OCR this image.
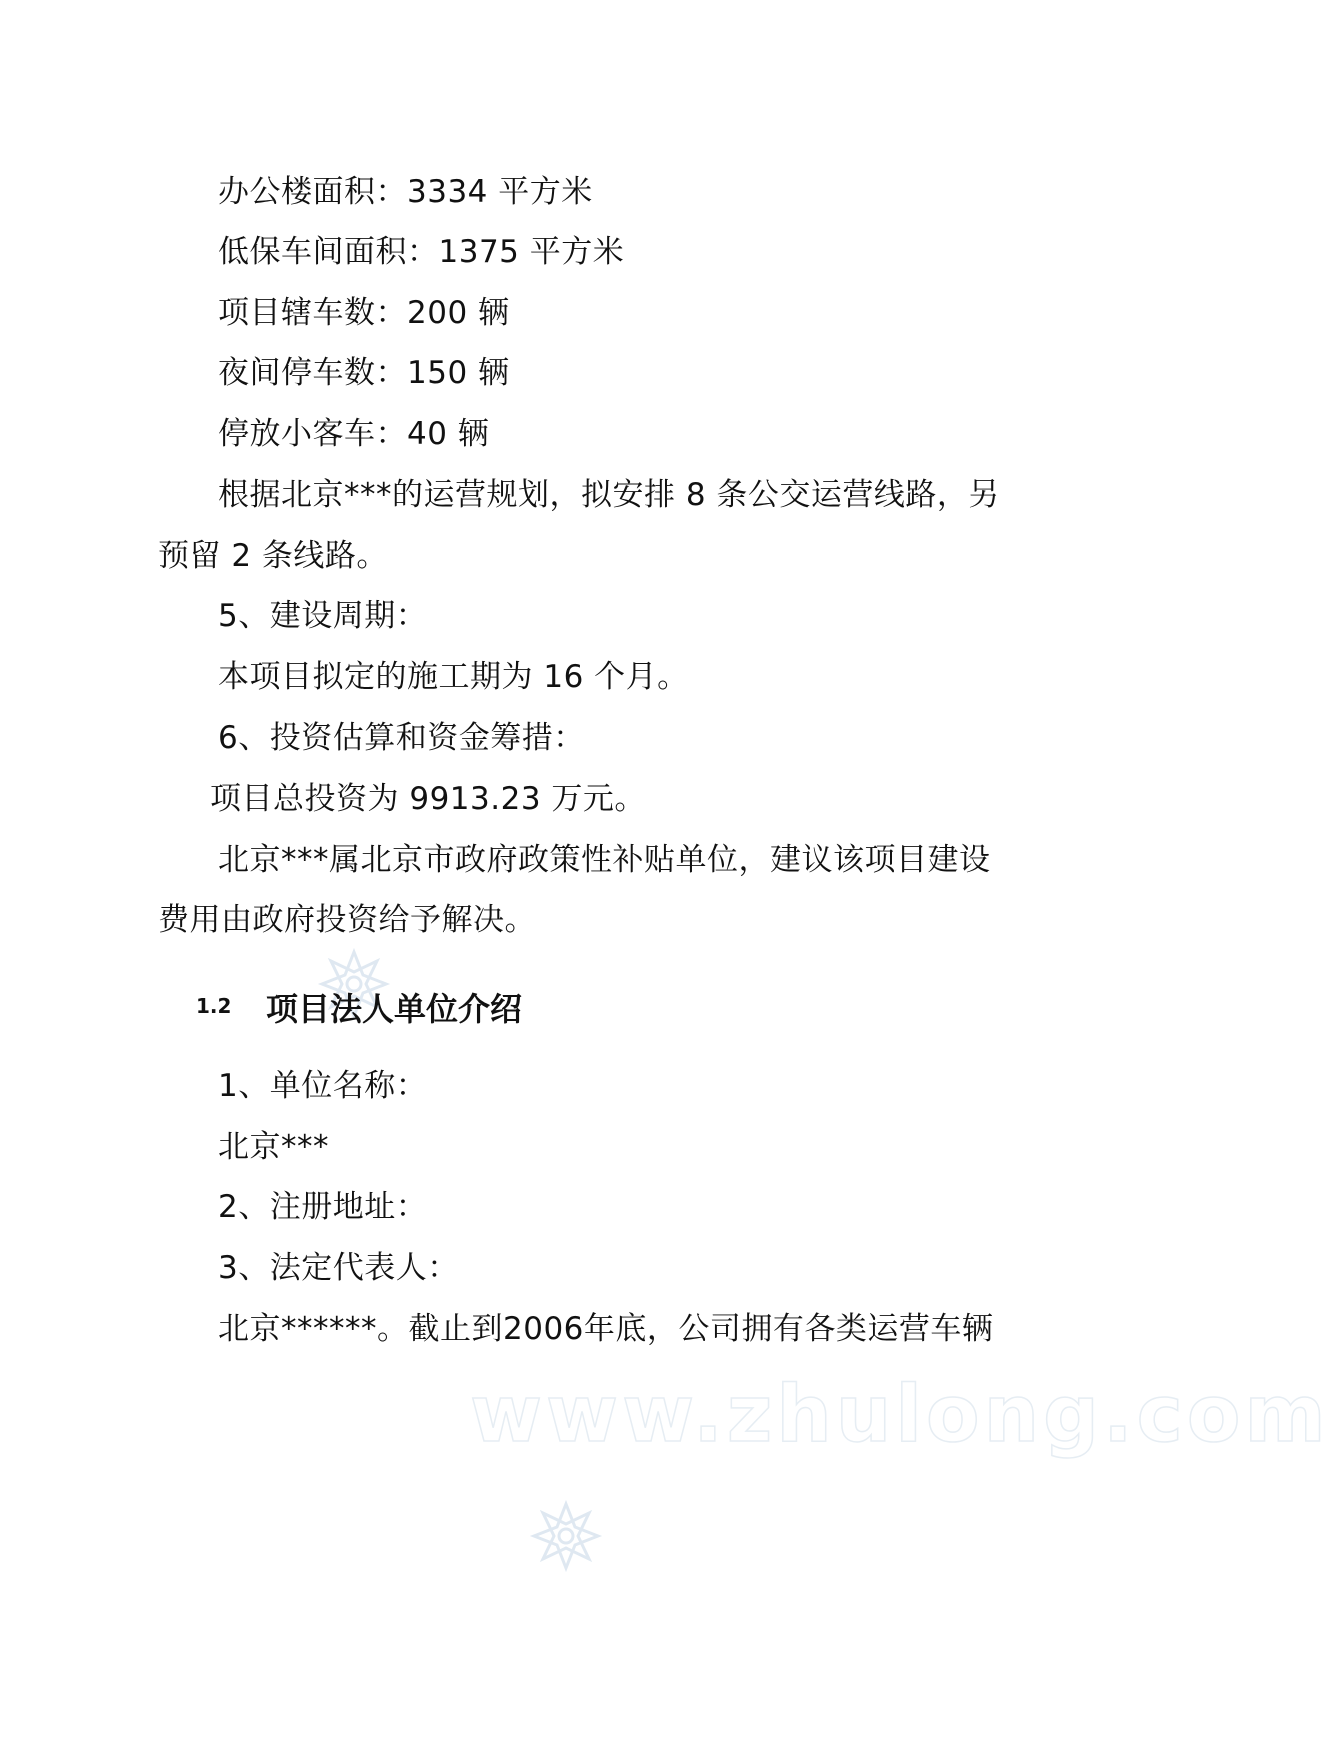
www.zhulong.com
办公楼面积：3334 平方米
低保车间面积：1375 平方米
项目辖车数：200 辆
夜间停车数：150 辆
停放小客车：40 辆
根据北京***的运营规划，拟安排 8 条公交运营线路，另
预留 2 条线路。
5、建设周期：
本项目拟定的施工期为 16 个月。
6、投资估算和资金筹措：
项目总投资为 9913.23 万元。
北京***属北京市政府政策性补贴单位，建议该项目建设
费用由政府投资给予解决。
1.2 项目法人单位介绍
1、单位名称：
北京***
2、注册地址：
3、法定代表人：
北京******。截止到2006年底，公司拥有各类运营车辆
